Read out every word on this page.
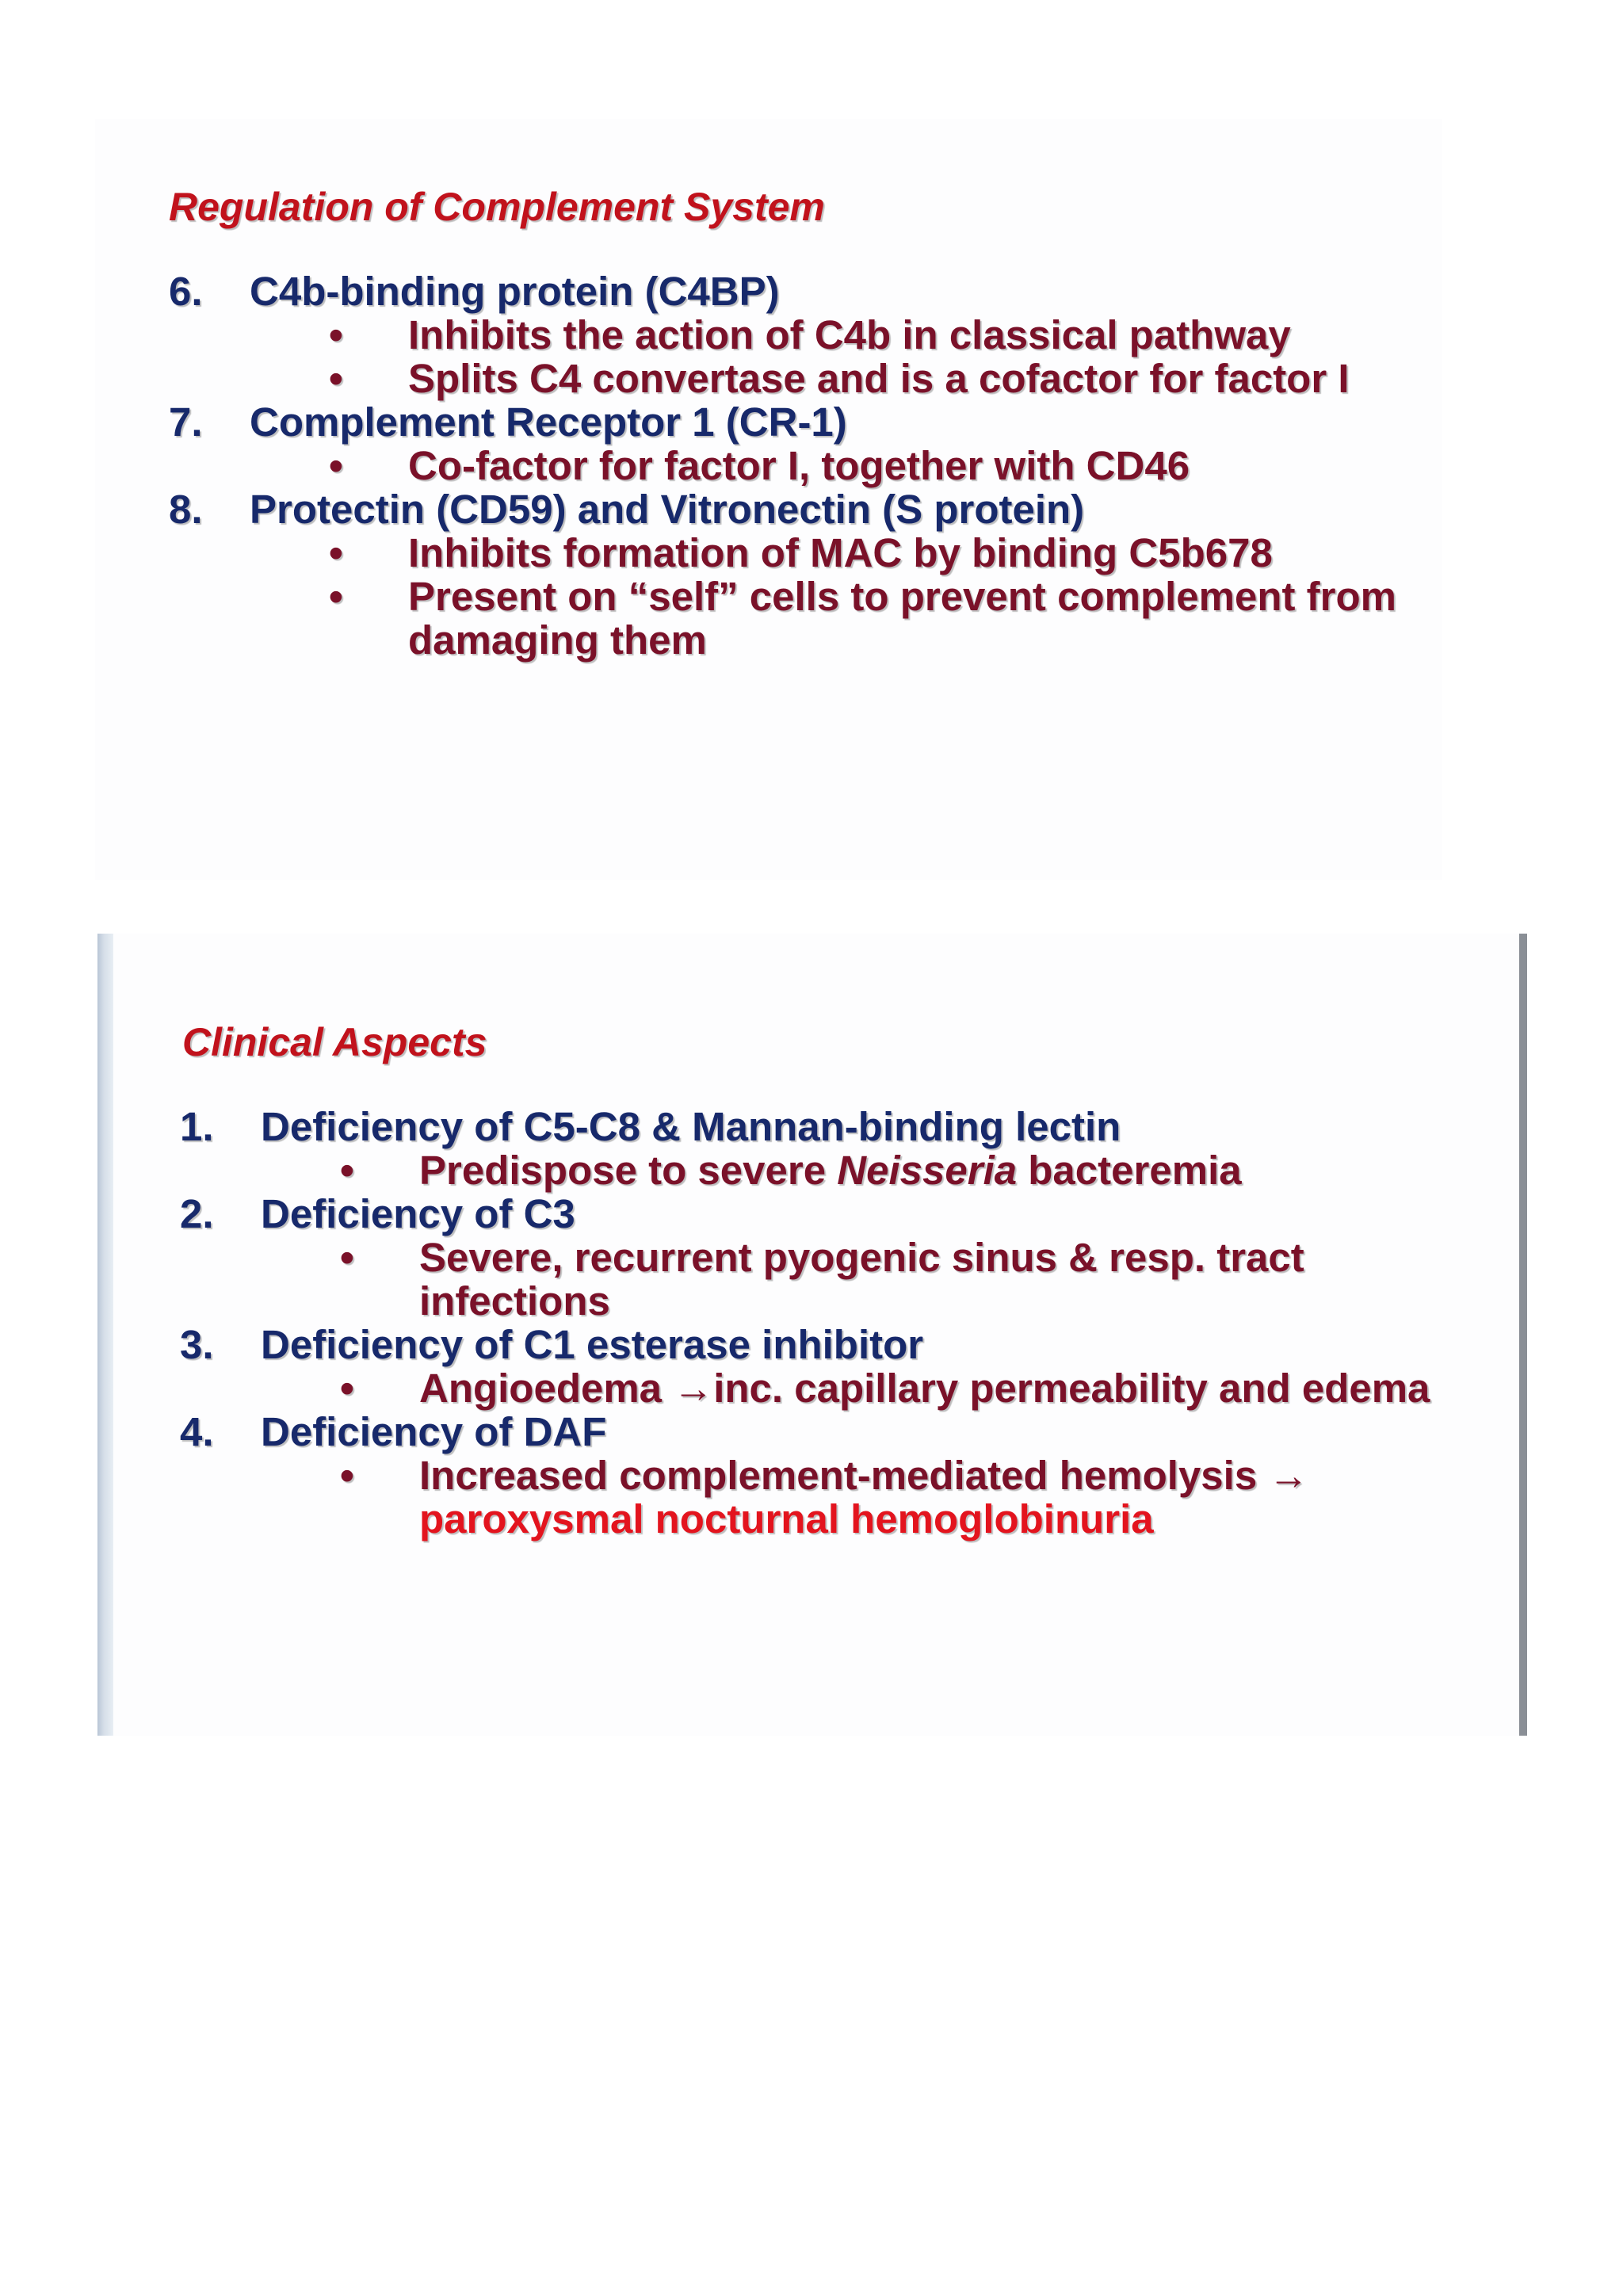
Regulation of Complement System
6. C4b-binding protein (C4BP)
• Inhibits the action of C4b in classical pathway
• Splits C4 convertase and is a cofactor for factor I
7. Complement Receptor 1 (CR-1)
• Co-factor for factor I, together with CD46
8. Protectin (CD59) and Vitronectin (S protein)
• Inhibits formation of MAC by binding C5b678
• Present on “self” cells to prevent complement from damaging them
Clinical Aspects
1. Deficiency of C5-C8 & Mannan-binding lectin
• Predispose to severe Neisseria bacteremia
2. Deficiency of C3
• Severe, recurrent pyogenic sinus & resp. tract infections
3. Deficiency of C1 esterase inhibitor
• Angioedema →inc. capillary permeability and edema
4. Deficiency of DAF
• Increased complement-mediated hemolysis → paroxysmal nocturnal hemoglobinuria
